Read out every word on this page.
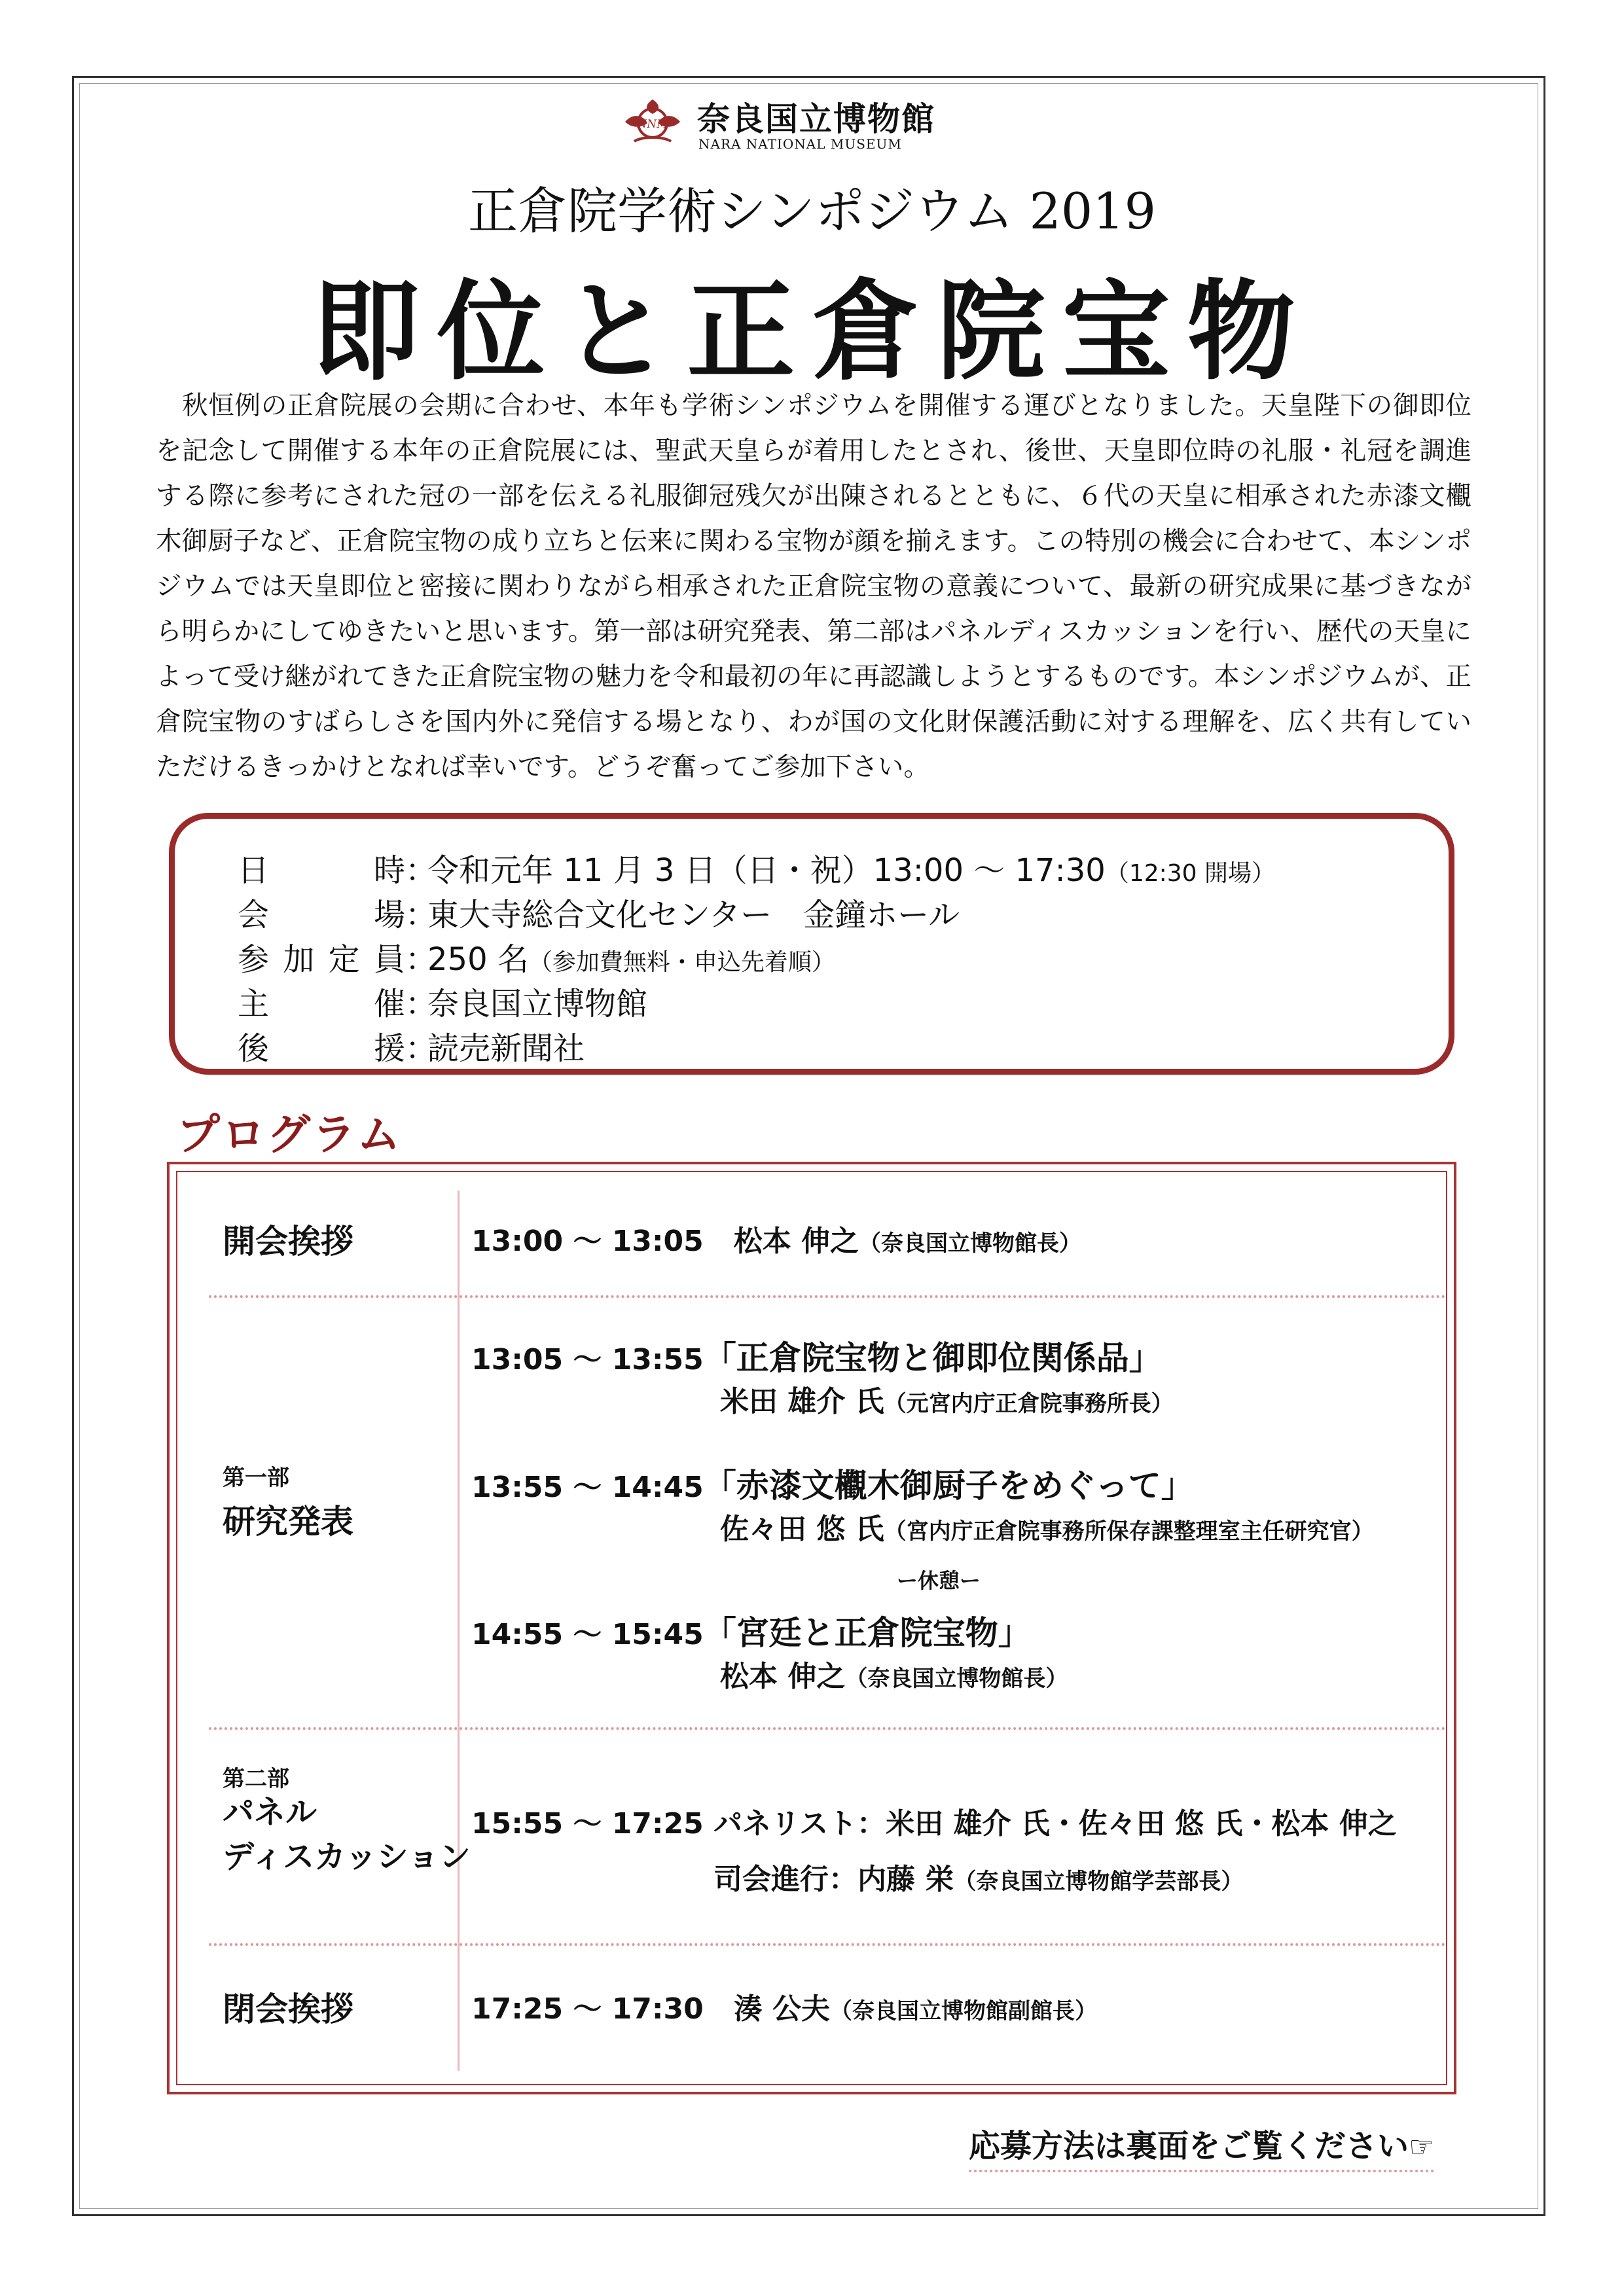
NNM 奈良国立博物館
NARA NATIONAL MUSEUM
正倉院学術シンポジウム 2019
即位と正倉院宝物

秋恒例の正倉院展の会期に合わせ、本年も学術シンポジウムを開催する運びとなりました。天皇陛下の御即位を記念して開催する本年の正倉院展には、聖武天皇らが着用したとされ、後世、天皇即位時の礼服・礼冠を調進する際に参考にされた冠の一部を伝える礼服御冠残欠が出陳されるとともに、６代の天皇に相承された赤漆文欟木御厨子など、正倉院宝物の成り立ちと伝来に関わる宝物が顔を揃えます。この特別の機会に合わせて、本シンポジウムでは天皇即位と密接に関わりながら相承された正倉院宝物の意義について、最新の研究成果に基づきながら明らかにしてゆきたいと思います。第一部は研究発表、第二部はパネルディスカッションを行い、歴代の天皇によって受け継がれてきた正倉院宝物の魅力を令和最初の年に再認識しようとするものです。本シンポジウムが、正倉院宝物のすばらしさを国内外に発信する場となり、わが国の文化財保護活動に対する理解を、広く共有していただけるきっかけとなれば幸いです。どうぞ奮ってご参加下さい。

日　時：令和元年 11 月 3 日（日・祝）13:00 ～ 17:30（12:30 開場）
会　場：東大寺総合文化センター　金鐘ホール
参加定員：250 名（参加費無料・申込先着順）
主　催：奈良国立博物館
後　援：読売新聞社
プログラム
開会挨拶	13:00 ～ 13:05 松本 伸之（奈良国立博物館長）
第一部
研究発表
13:05 ～ 13:55「正倉院宝物と御即位関係品」
米田 雄介 氏（元宮内庁正倉院事務所長）
13:55 ～ 14:45「赤漆文欟木御厨子をめぐって」
佐々田 悠 氏（宮内庁正倉院事務所保存課整理室主任研究官）
ー休憩ー
14:55 ～ 15:45「宮廷と正倉院宝物」
松本 伸之（奈良国立博物館長）
第二部
パネル
ディスカッション
15:55 ～ 17:25 パネリスト：米田 雄介 氏・佐々田 悠 氏・松本 伸之
司会進行：内藤 栄（奈良国立博物館学芸部長）
閉会挨拶	17:25 ～ 17:30 湊 公夫（奈良国立博物館副館長）
応募方法は裏面をご覧ください☞
